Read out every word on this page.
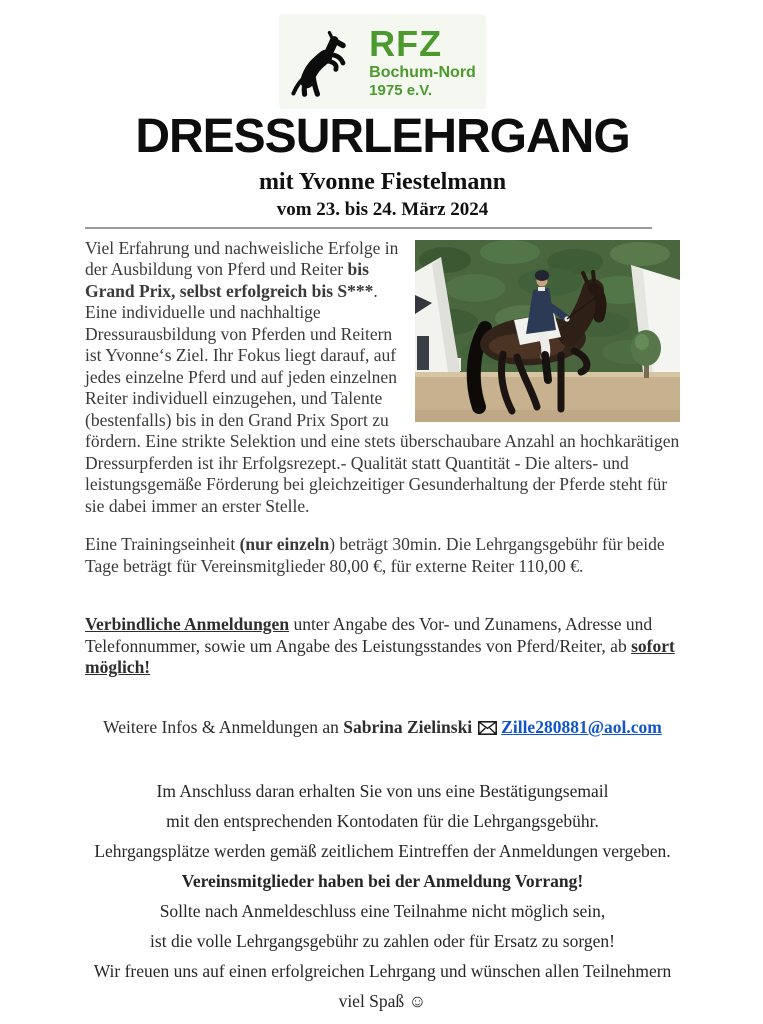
RFZ
Bochum-Nord
1975 e.V.
DRESSURLEHRGANG
mit Yvonne Fiestelmann
vom 23. bis 24. März 2024

Viel Erfahrung und nachweisliche Erfolge in der Ausbildung von Pferd und Reiter bis Grand Prix, selbst erfolgreich bis S***. Eine individuelle und nachhaltige Dressurausbildung von Pferden und Reitern ist Yvonne‘s Ziel. Ihr Fokus liegt darauf, auf jedes einzelne Pferd und auf jeden einzelnen Reiter individuell einzugehen, und Talente (bestenfalls) bis in den Grand Prix Sport zu fördern. Eine strikte Selektion und eine stets überschaubare Anzahl an hochkarätigen Dressurpferden ist ihr Erfolgsrezept.- Qualität statt Quantität - Die alters- und leistungsgemäße Förderung bei gleichzeitiger Gesunderhaltung der Pferde steht für sie dabei immer an erster Stelle.

Eine Trainingseinheit (nur einzeln) beträgt 30min. Die Lehrgangsgebühr für beide Tage beträgt für Vereinsmitglieder 80,00 €, für externe Reiter 110,00 €.

Verbindliche Anmeldungen unter Angabe des Vor- und Zunamens, Adresse und Telefonnummer, sowie um Angabe des Leistungsstandes von Pferd/Reiter, ab sofort möglich!

Weitere Infos & Anmeldungen an Sabrina Zielinski Zille280881@aol.com

Im Anschluss daran erhalten Sie von uns eine Bestätigungsemail
mit den entsprechenden Kontodaten für die Lehrgangsgebühr.
Lehrgangsplätze werden gemäß zeitlichem Eintreffen der Anmeldungen vergeben.
Vereinsmitglieder haben bei der Anmeldung Vorrang!
Sollte nach Anmeldeschluss eine Teilnahme nicht möglich sein,
ist die volle Lehrgangsgebühr zu zahlen oder für Ersatz zu sorgen!
Wir freuen uns auf einen erfolgreichen Lehrgang und wünschen allen Teilnehmern
viel Spaß ☺
